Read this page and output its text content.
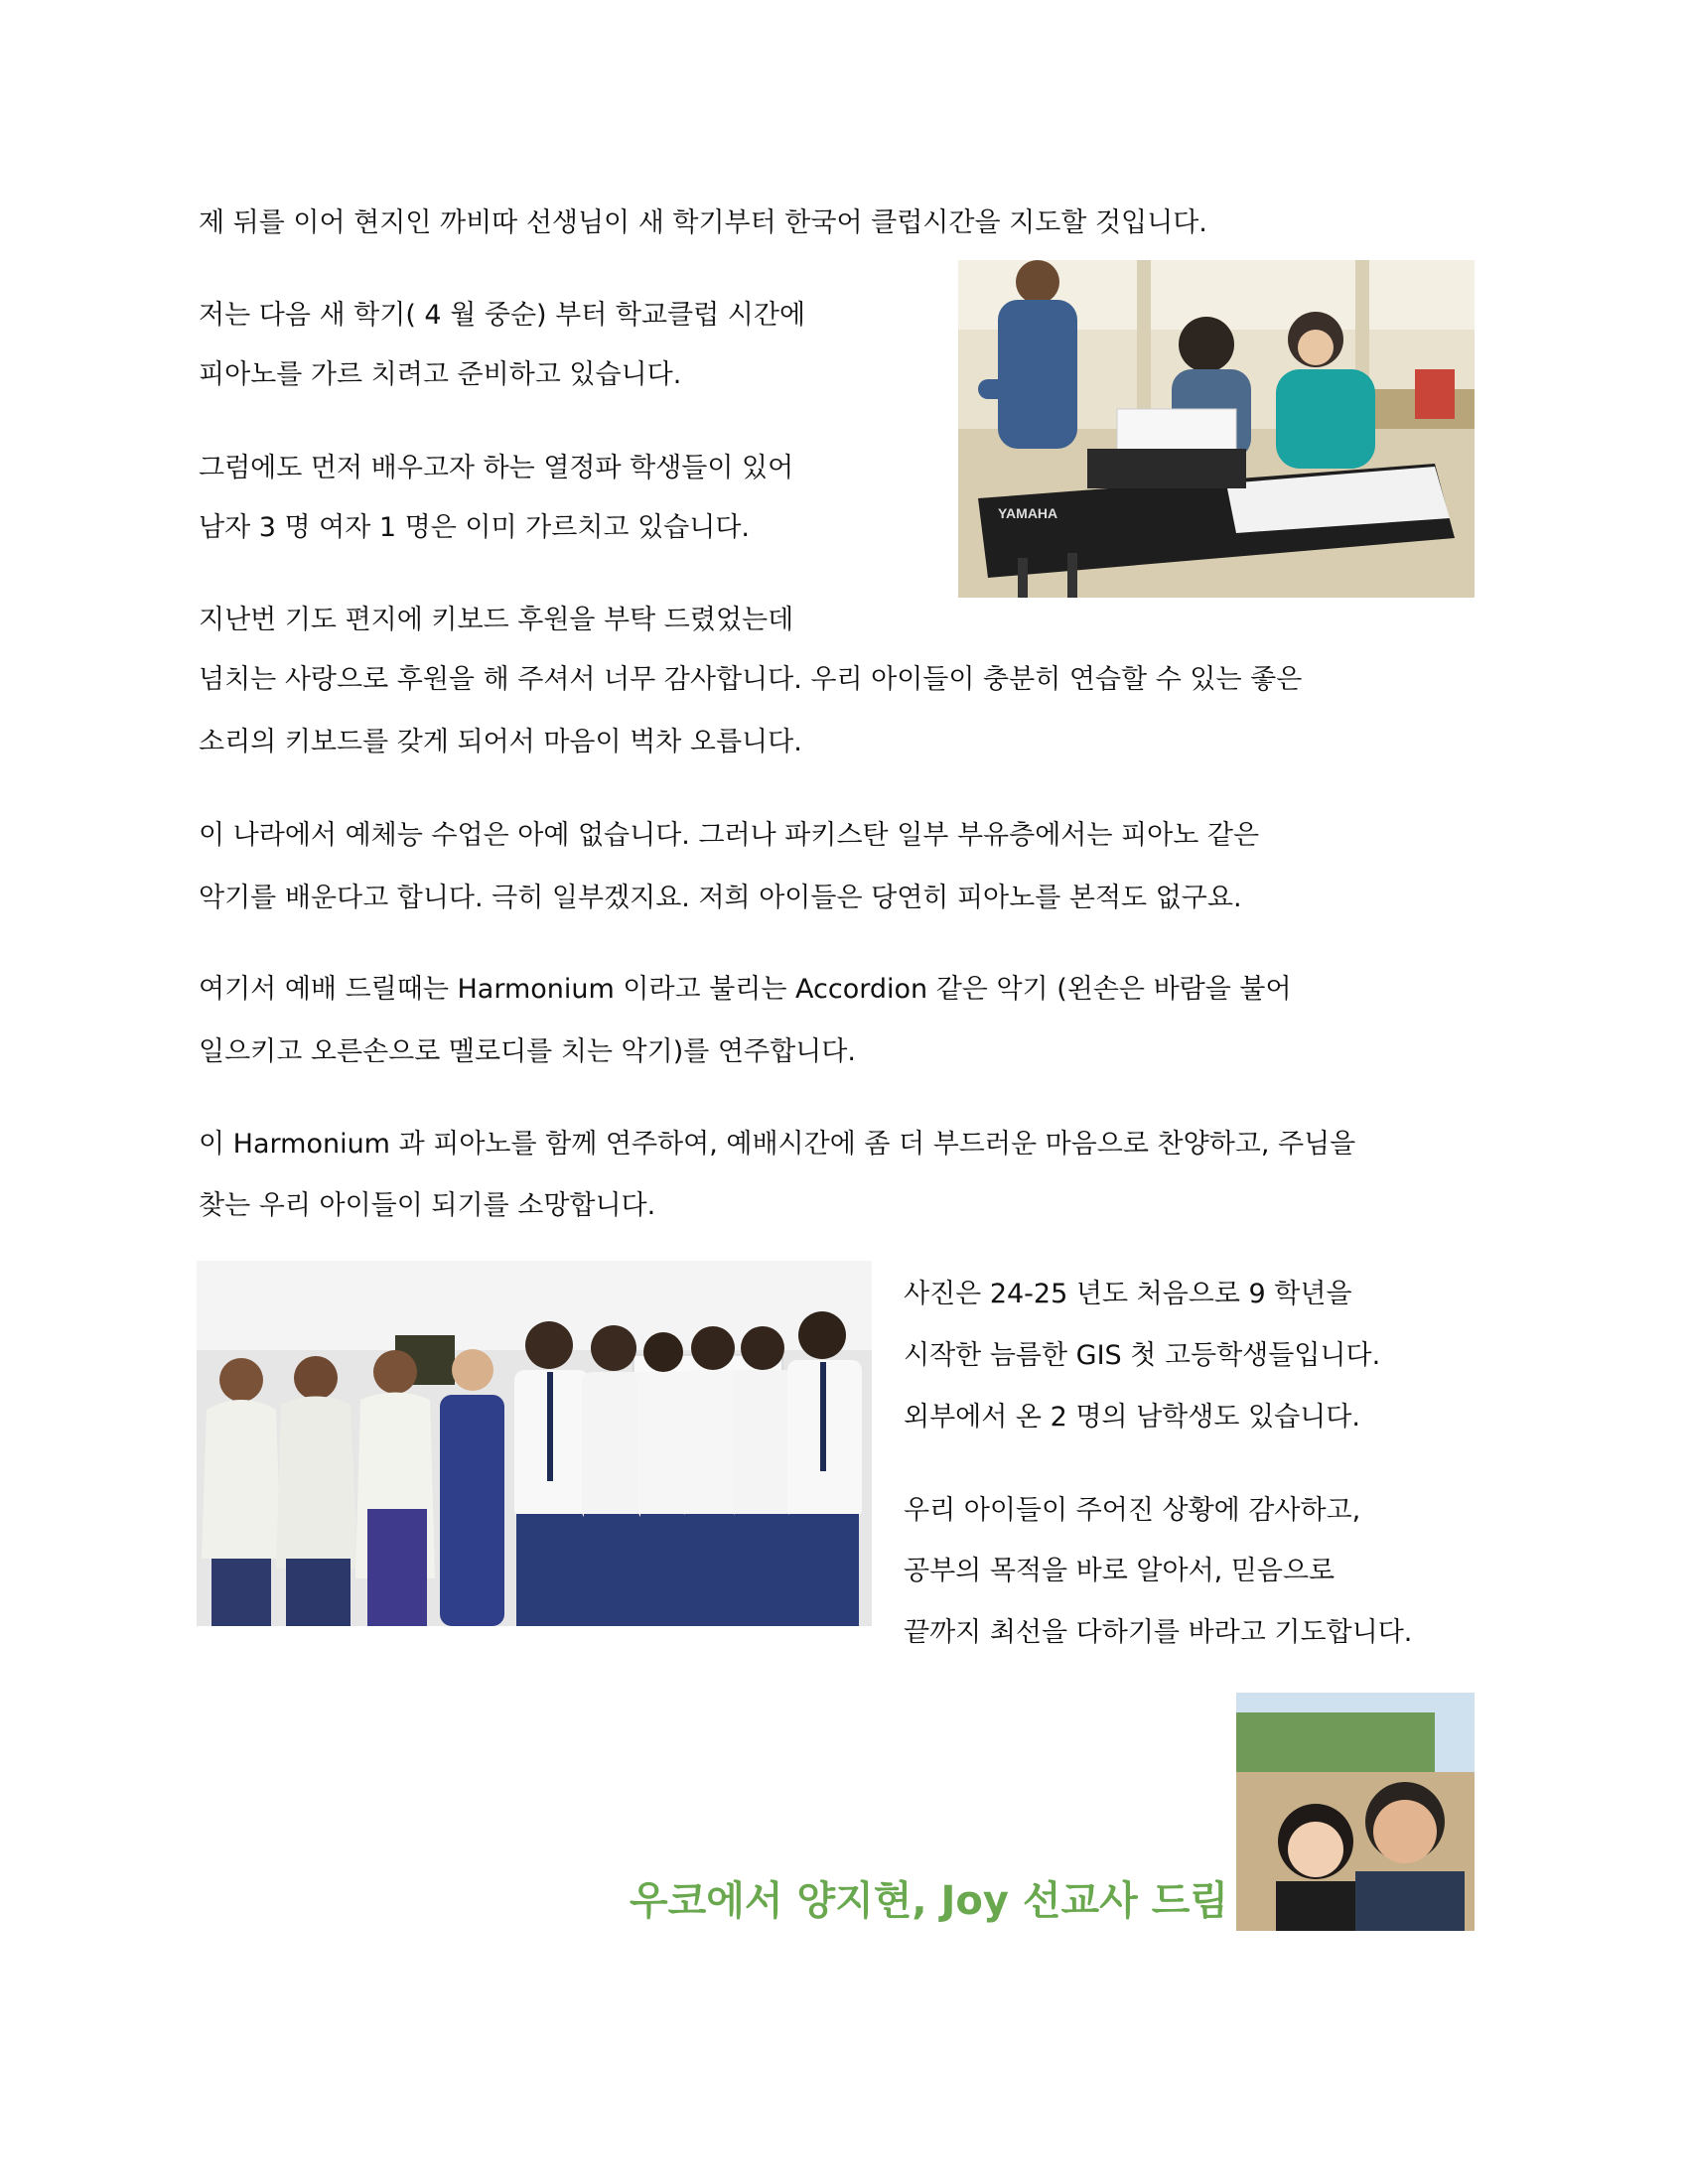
제 뒤를 이어 현지인 까비따 선생님이 새 학기부터 한국어 클럽시간을 지도할 것입니다.
저는 다음 새 학기( 4 월 중순) 부터 학교클럽 시간에
피아노를 가르 치려고 준비하고 있습니다.
그럼에도 먼저 배우고자 하는 열정파 학생들이 있어
남자 3 명 여자 1 명은 이미 가르치고 있습니다.
지난번 기도 편지에 키보드 후원을 부탁 드렸었는데
넘치는 사랑으로 후원을 해 주셔서 너무 감사합니다. 우리 아이들이 충분히 연습할 수 있는 좋은
소리의 키보드를 갖게 되어서 마음이 벅차 오릅니다.
이 나라에서 예체능 수업은 아예 없습니다. 그러나 파키스탄 일부 부유층에서는 피아노 같은
악기를 배운다고 합니다. 극히 일부겠지요. 저희 아이들은 당연히 피아노를 본적도 없구요.
여기서 예배 드릴때는 Harmonium 이라고 불리는 Accordion 같은 악기 (왼손은 바람을 불어
일으키고 오른손으로 멜로디를 치는 악기)를 연주합니다.
이 Harmonium 과 피아노를 함께 연주하여, 예배시간에 좀 더 부드러운 마음으로 찬양하고, 주님을
찾는 우리 아이들이 되기를 소망합니다.
YAMAHA
사진은 24-25 년도 처음으로 9 학년을
시작한 늠름한 GIS 첫 고등학생들입니다.
외부에서 온 2 명의 남학생도 있습니다.
우리 아이들이 주어진 상황에 감사하고,
공부의 목적을 바로 알아서, 믿음으로
끝까지 최선을 다하기를 바라고 기도합니다.
우코에서 양지현, Joy 선교사 드림
